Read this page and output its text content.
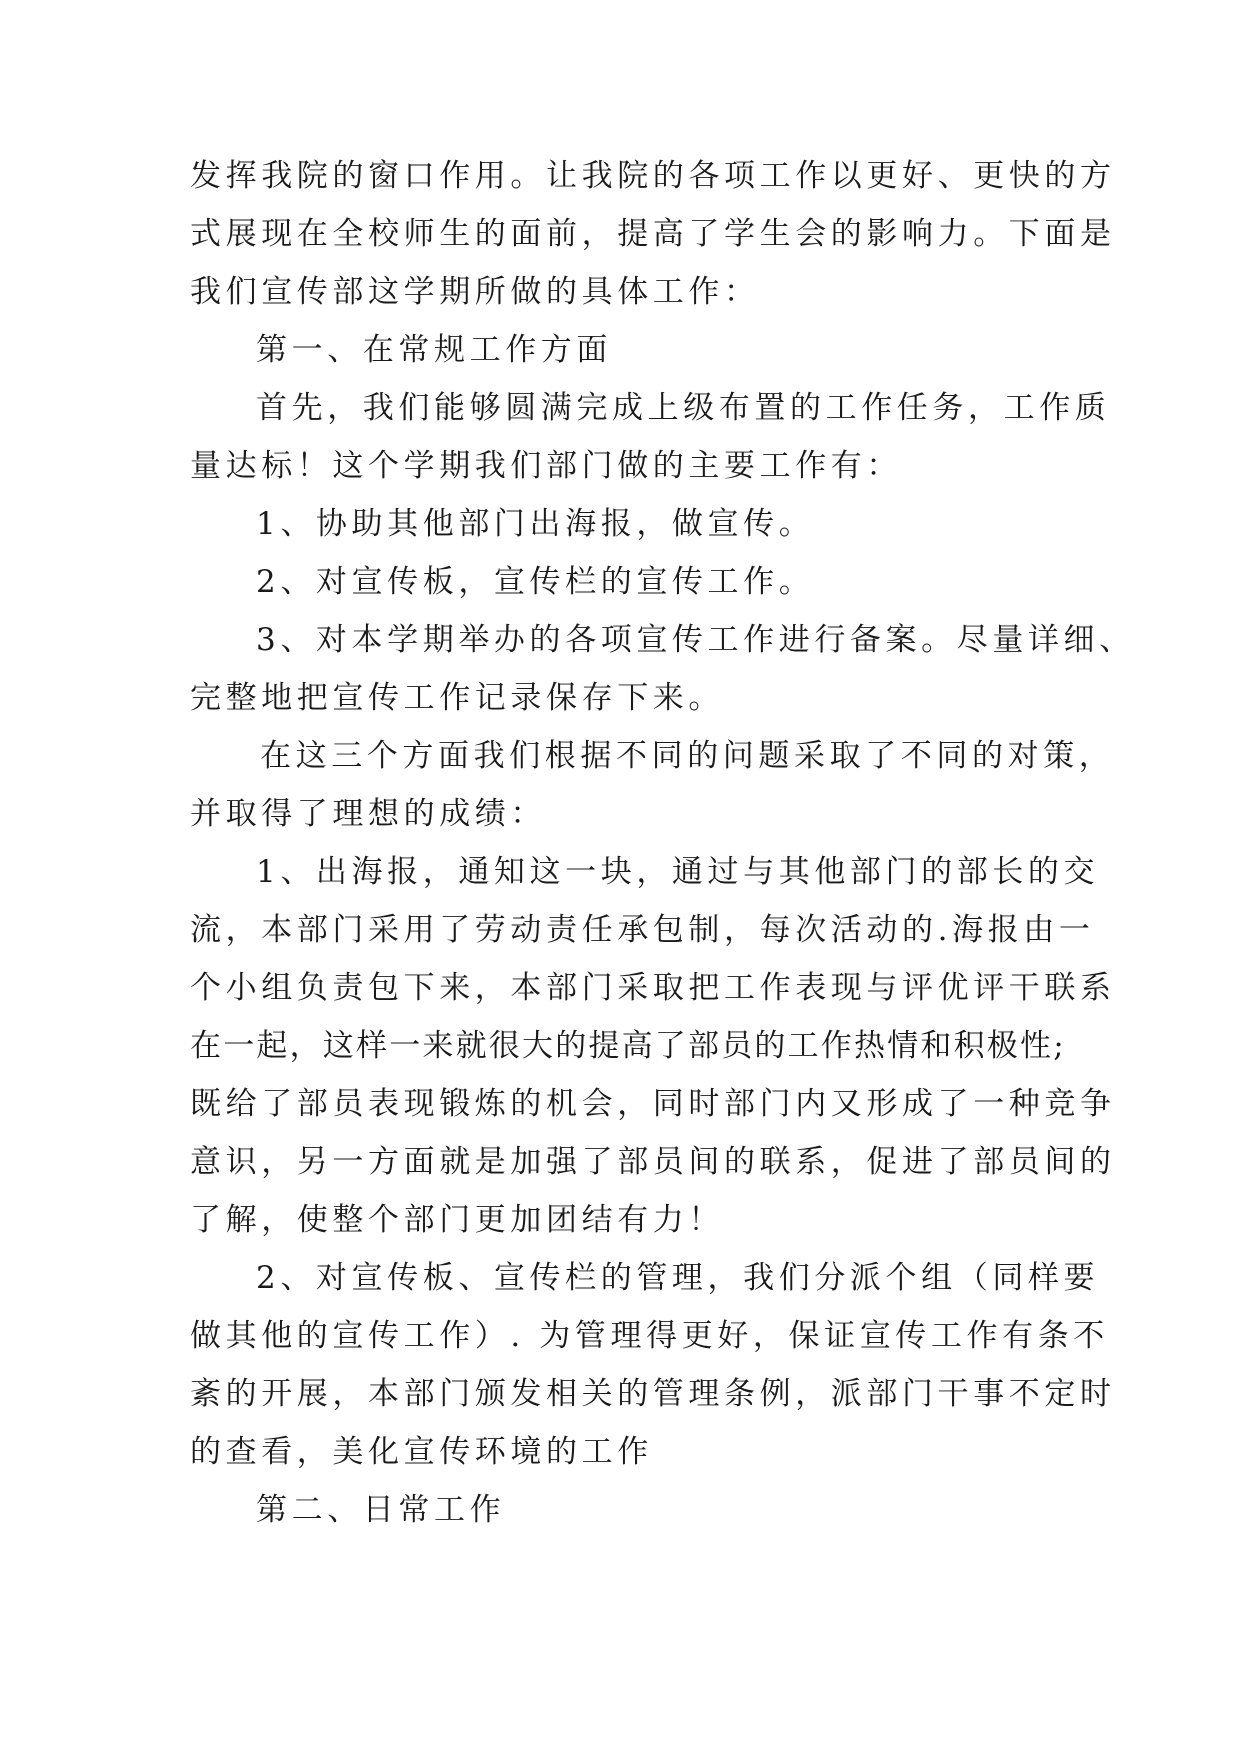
发挥我院的窗口作用。让我院的各项工作以更好、更快的方
式展现在全校师生的面前，提高了学生会的影响力。下面是
我们宣传部这学期所做的具体工作：
第一、在常规工作方面
首先，我们能够圆满完成上级布置的工作任务，工作质
量达标！这个学期我们部门做的主要工作有：
1、协助其他部门出海报，做宣传。
2、对宣传板，宣传栏的宣传工作。
3、对本学期举办的各项宣传工作进行备案。尽量详细、
完整地把宣传工作记录保存下来。
在这三个方面我们根据不同的问题采取了不同的对策，
并取得了理想的成绩：
1、出海报，通知这一块，通过与其他部门的部长的交
流，本部门采用了劳动责任承包制，每次活动的.海报由一
个小组负责包下来，本部门采取把工作表现与评优评干联系
在一起，这样一来就很大的提高了部员的工作热情和积极性;
既给了部员表现锻炼的机会，同时部门内又形成了一种竞争
意识，另一方面就是加强了部员间的联系，促进了部员间的
了解，使整个部门更加团结有力！
2、对宣传板、宣传栏的管理，我们分派个组（同样要
做其他的宣传工作）. 为管理得更好，保证宣传工作有条不
紊的开展，本部门颁发相关的管理条例，派部门干事不定时
的查看，美化宣传环境的工作
第二、日常工作
